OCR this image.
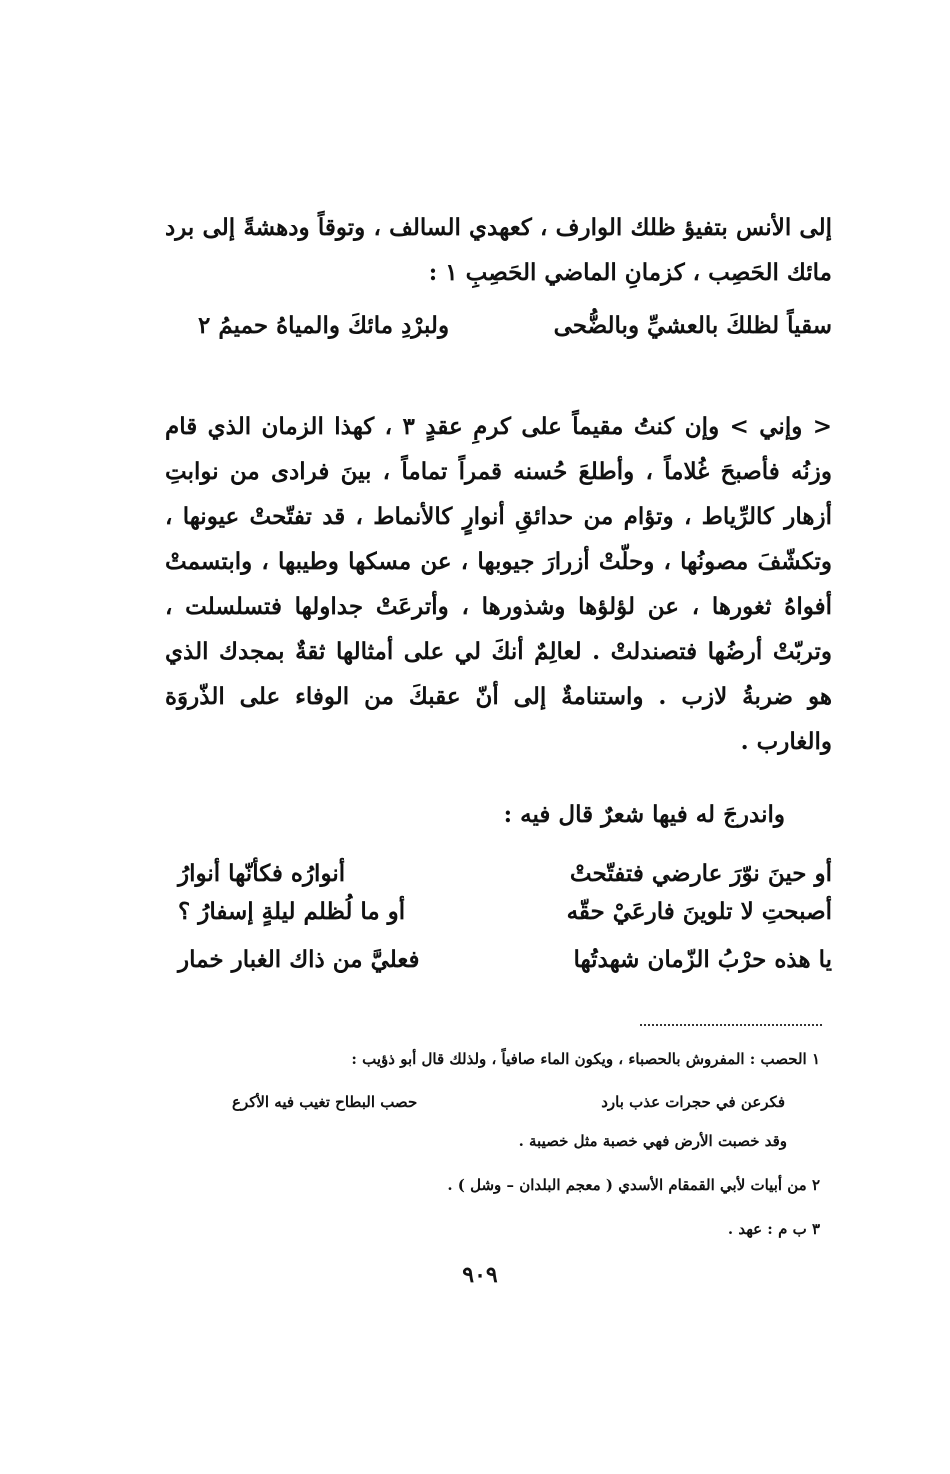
إلى الأنس بتفيؤ ظلك الوارف ، كعهدي السالف ، وتوقاً ودهشةً إلى برد مائك الحَصِب ، كزمانِ الماضي الحَصِبِ ١ :
سقياً لظلكَ بالعشيِّ وبالضُّحى
ولبرْدِ مائكَ والمياهُ حميمُ ٢
< وإني > وإن كنتُ مقيماً على كرمِ عقدٍ ٣ ، كهذا الزمان الذي قام وزنُه فأصبحَ غُلاماً ، وأطلعَ حُسنه قمراً تماماً ، بينَ فرادى من نوابتِ أزهار كالرِّياط ، وتؤام من حدائقِ أنوارٍ كالأنماط ، قد تفتّحتْ عيونها ، وتكشّفَ مصونُها ، وحلّتْ أزرارَ جيوبها ، عن مسكها وطيبها ، وابتسمتْ أفواهُ ثغورها ، عن لؤلؤها وشذورها ، وأترعَتْ جداولها فتسلسلت ، وتربّتْ أرضُها فتصندلتْ . لعالِمٌ أنكَ لي على أمثالها ثقةٌ بمجدك الذي هو ضربةُ لازب . واستنامةٌ إلى أنّ عقبكَ من الوفاء على الذّروَة والغارب .
واندرجَ له فيها شعرٌ قال فيه :
أو حينَ نوّرَ عارضي فتفتّحتْ
أنوارُه فكأنّها أنوارُ
أصبحتِ لا تلوينَ فارعَيْ حقّه
أو ما لُظلم ليلةٍ إسفارُ ؟
يا هذه حرْبُ الزّمان شهدتُها
فعليَّ من ذاك الغبار خمار
١ الحصب : المفروش بالحصباء ، ويكون الماء صافياً ، ولذلك قال أبو ذؤيب :
فكرعن في حجرات عذب بارد
حصب البطاح تغيب فيه الأكرع
وقد خصبت الأرض فهي خصبة مثل خصيبة .
٢ من أبيات لأبي القمقام الأسدي ( معجم البلدان – وشل ) .
٣ ب م : عهد .
٩٠٩
